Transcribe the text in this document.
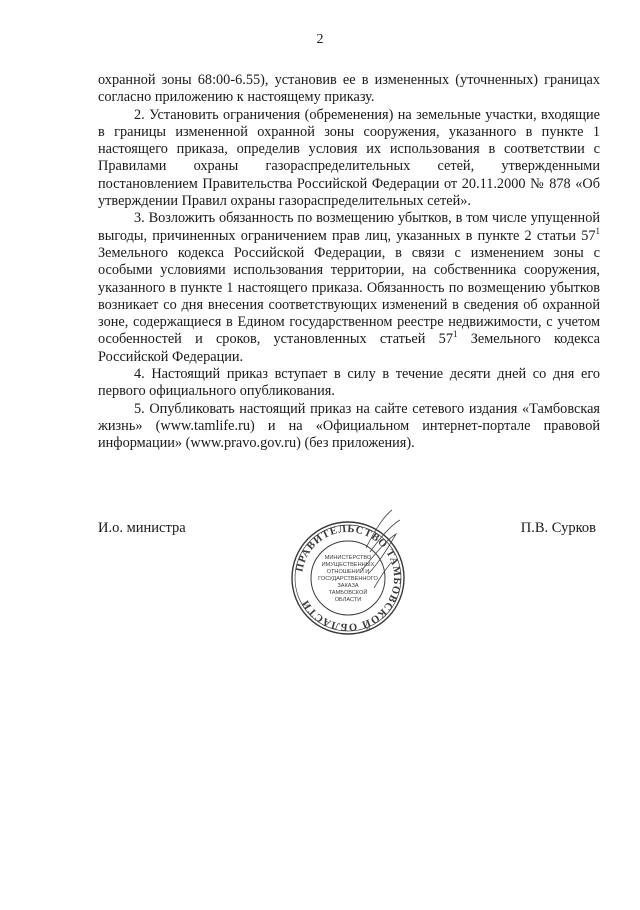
2

охранной зоны 68:00-6.55), установив ее в измененных (уточненных) границах согласно приложению к настоящему приказу.

2. Установить ограничения (обременения) на земельные участки, входящие в границы измененной охранной зоны сооружения, указанного в пункте 1 настоящего приказа, определив условия их использования в соответствии с Правилами охраны газораспределительных сетей, утвержденными постановлением Правительства Российской Федерации от 20.11.2000 № 878 «Об утверждении Правил охраны газораспределительных сетей».

3. Возложить обязанность по возмещению убытков, в том числе упущенной выгоды, причиненных ограничением прав лиц, указанных в пункте 2 статьи $57^1$ Земельного кодекса Российской Федерации, в связи с изменением зоны с особыми условиями использования территории, на собственника сооружения, указанного в пункте 1 настоящего приказа. Обязанность по возмещению убытков возникает со дня внесения соответствующих изменений в сведения об охранной зоне, содержащиеся в Едином государственном реестре недвижимости, с учетом особенностей и сроков, установленных статьей $57^1$ Земельного кодекса Российской Федерации.

4. Настоящий приказ вступает в силу в течение десяти дней со дня его первого официального опубликования.

5. Опубликовать настоящий приказ на сайте сетевого издания «Тамбовская жизнь» (www.tamlife.ru) и на «Официальном интернет-портале правовой информации» (www.pravo.gov.ru) (без приложения).

И.о. министра	П.В. Сурков
ПРАВИТЕЛЬСТВО ТАМБОВСКОЙ ОБЛАСТИ
МИНИСТЕРСТВО
ИМУЩЕСТВЕННЫХ
ОТНОШЕНИЙ И
ГОСУДАРСТВЕННОГО
ЗАКАЗА
ТАМБОВСКОЙ
ОБЛАСТИ
